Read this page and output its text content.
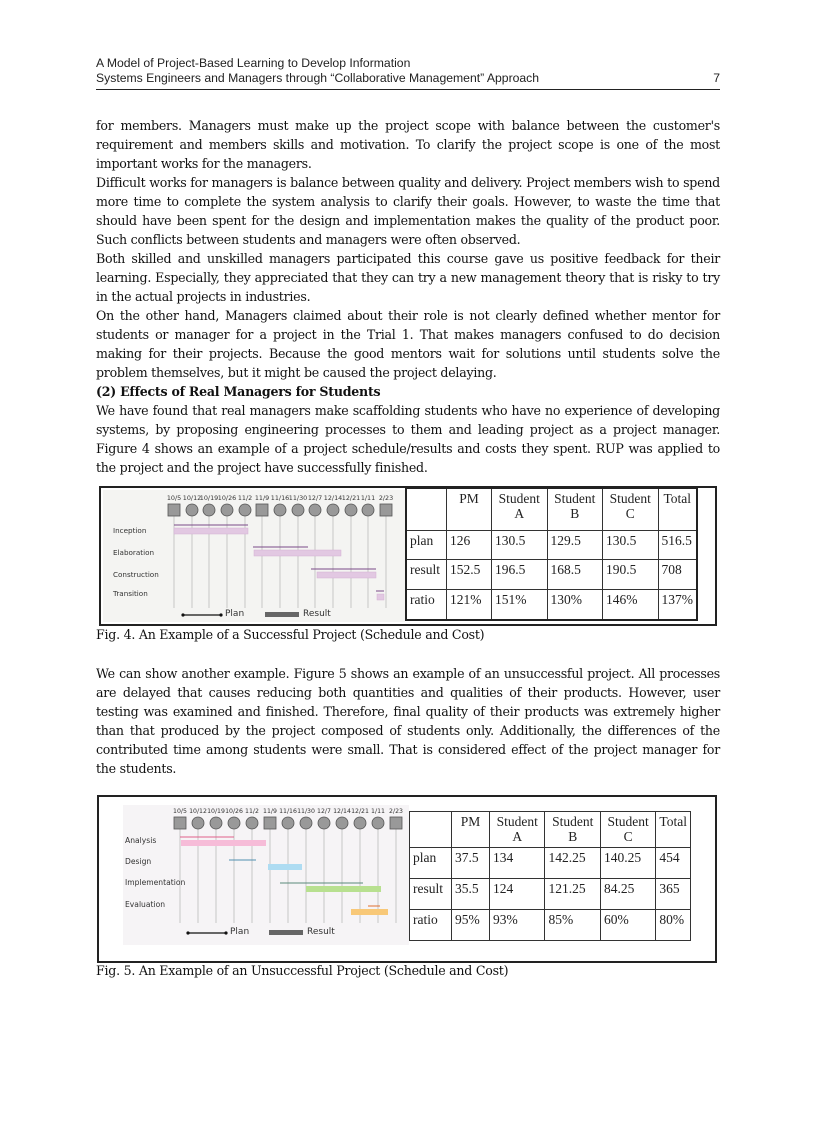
A Model of Project-Based Learning to Develop Information
Systems Engineers and Managers through “Collaborative Management” Approach	7

for members. Managers must make up the project scope with balance between the customer's requirement and members skills and motivation. To clarify the project scope is one of the most important works for the managers.

Difficult works for managers is balance between quality and delivery. Project members wish to spend more time to complete the system analysis to clarify their goals. However, to waste the time that should have been spent for the design and implementation makes the quality of the product poor. Such conflicts between students and managers were often observed.

Both skilled and unskilled managers participated this course gave us positive feedback for their learning. Especially, they appreciated that they can try a new management theory that is risky to try in the actual projects in industries.

On the other hand, Managers claimed about their role is not clearly defined whether mentor for students or manager for a project in the Trial 1. That makes managers confused to do decision making for their projects. Because the good mentors wait for solutions until students solve the problem themselves, but it might be caused the project delaying.

(2) Effects of Real Managers for Students

We have found that real managers make scaffolding students who have no experience of developing systems, by proposing engineering processes to them and leading project as a project manager. Figure 4 shows an example of a project schedule/results and costs they spent. RUP was applied to the project and the project have successfully finished.

10/5 10/12
10/19 10/26 11/2 11/9 11/16 11/30 12/7 12/14 12/21 1/11 2/23
Inception
Elaboration
Construction
Transition
Plan	Result
	PM	Student A	Student B	Student C	Total
plan	126	130.5	129.5	130.5	516.5
result	152.5	196.5	168.5	190.5	708
ratio	121%	151%	130%	146%	137%
Fig. 4. An Example of a Successful Project (Schedule and Cost)

We can show another example. Figure 5 shows an example of an unsuccessful project. All processes are delayed that causes reducing both quantities and qualities of their products. However, user testing was examined and finished. Therefore, final quality of their products was extremely higher than that produced by the project composed of students only. Additionally, the differences of the contributed time among students were small. That is considered effect of the project manager for the students.

10/5 10/12 10/19 10/26 11/2 11/9 11/16 11/30 12/7 12/14 12/21 1/11 2/23
Analysis
Design
Implementation
Evaluation
Plan	Result
	PM	Student A	Student B	Student C	Total
plan	37.5	134	142.25	140.25	454
result	35.5	124	121.25	84.25	365
ratio	95%	93%	85%	60%	80%
Fig. 5. An Example of an Unsuccessful Project (Schedule and Cost)
